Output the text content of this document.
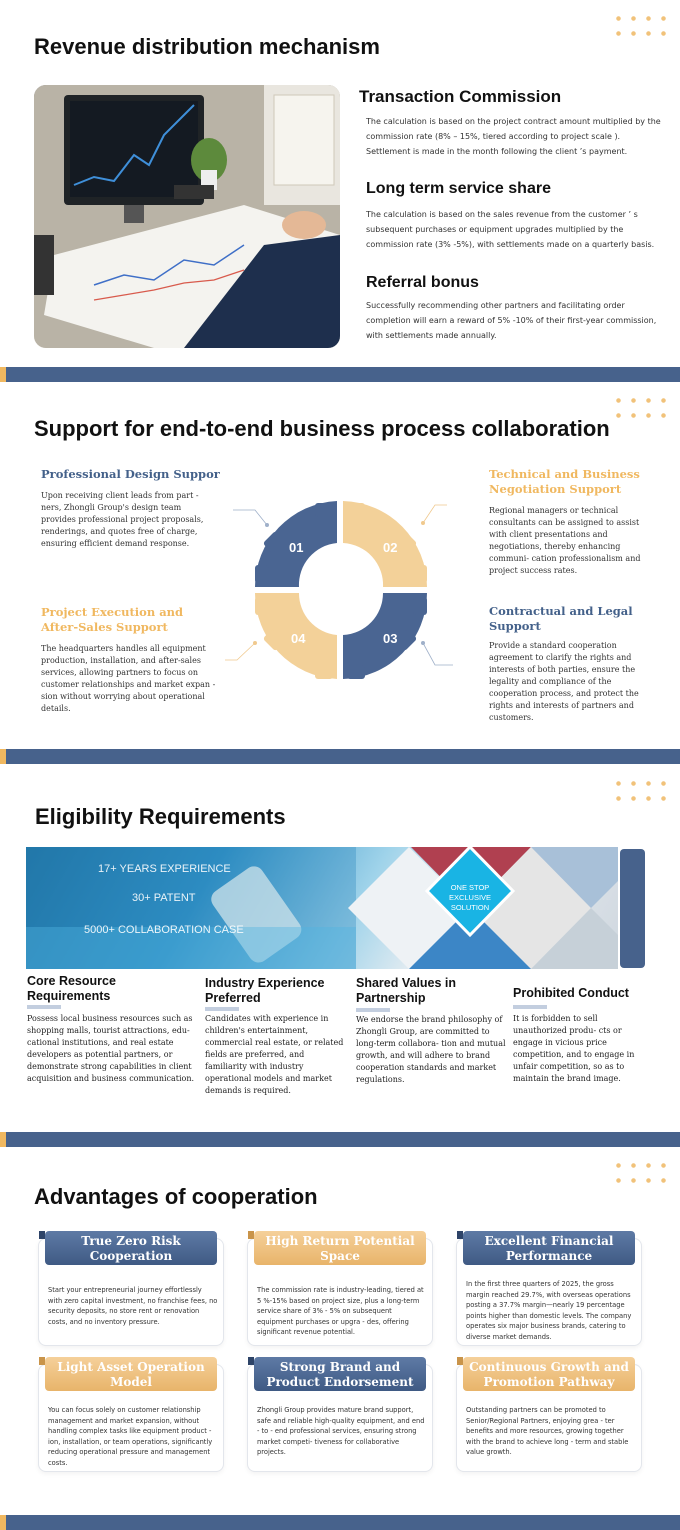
Revenue distribution mechanism
Transaction Commission
The calculation is based on the project contract amount multiplied by the commission rate (8% – 15%, tiered according to project scale ). Settlement is made in the month following the client ’s payment.
Long term service share
The calculation is based on the sales revenue from the customer ’ s subsequent purchases or equipment upgrades multiplied by the commission rate (3% -5%), with settlements made on a quarterly basis.
Referral bonus
Successfully recommending other partners and facilitating order completion will earn a reward of 5% -10% of their first-year commission, with settlements made annually.
Support for end-to-end business process collaboration
Professional Design Suppor
Upon receiving client leads from part - ners, Zhongli Group's design team provides professional project proposals, renderings, and quotes free of charge, ensuring efficient demand response.
Technical and Business Negotiation Support
Regional managers or technical consultants can be assigned to assist with client presentations and negotiations, thereby enhancing communi- cation professionalism and project success rates.
Project Execution and After-Sales Support
The headquarters handles all equipment production, installation, and after-sales services, allowing partners to focus on customer relationships and market expan - sion without worrying about operational details.
Contractual and Legal Support
Provide a standard cooperation agreement to clarify the rights and interests of both parties, ensure the legality and compliance of the cooperation process, and protect the rights and interests of partners and customers.
01	02
03
04
Eligibility Requirements
17+ YEARS EXPERIENCE
30+ PATENT
5000+ COLLABORATION CASE
ONE STOP EXCLUSIVE SOLUTION
Core Resource Requirements
Possess local business resources such as shopping malls, tourist attractions, edu- cational institutions, and real estate developers as potential partners, or demonstrate strong capabilities in client acquisition and business communication.
Industry Experience Preferred
Candidates with experience in children's entertainment, commercial real estate, or related fields are preferred, and familiarity with industry operational models and market demands is required.
Shared Values in Partnership
We endorse the brand philosophy of Zhongli Group, are committed to long-term collabora- tion and mutual growth, and will adhere to brand cooperation standards and market regulations.
Prohibited Conduct
It is forbidden to sell unauthorized produ- cts or engage in vicious price competition, and to engage in unfair competition, so as to maintain the brand image.
Advantages of cooperation
True Zero Risk Cooperation
Start your entrepreneurial journey effortlessly with zero capital investment, no franchise fees, no security deposits, no store rent or renovation costs, and no inventory pressure.
High Return Potential Space
The commission rate is industry-leading, tiered at 5 %-15% based on project size, plus a long-term service share of 3% - 5% on subsequent equipment purchases or upgra - des, offering significant revenue potential.
Excellent Financial Performance
In the first three quarters of 2025, the gross margin reached 29.7%, with overseas operations posting a 37.7% margin—nearly 19 percentage points higher than domestic levels. The company operates six major business brands, catering to diverse market demands.
Light Asset Operation Model
You can focus solely on customer relationship management and market expansion, without handling complex tasks like equipment product - ion, installation, or team operations, significantly reducing operational pressure and management costs.
Strong Brand and Product Endorsement
Zhongli Group provides mature brand support, safe and reliable high-quality equipment, and end - to - end professional services, ensuring strong market competi- tiveness for collaborative projects.
Continuous Growth and Promotion Pathway
Outstanding partners can be promoted to Senior/Regional Partners, enjoying grea - ter benefits and more resources, growing together with the brand to achieve long - term and stable value growth.
